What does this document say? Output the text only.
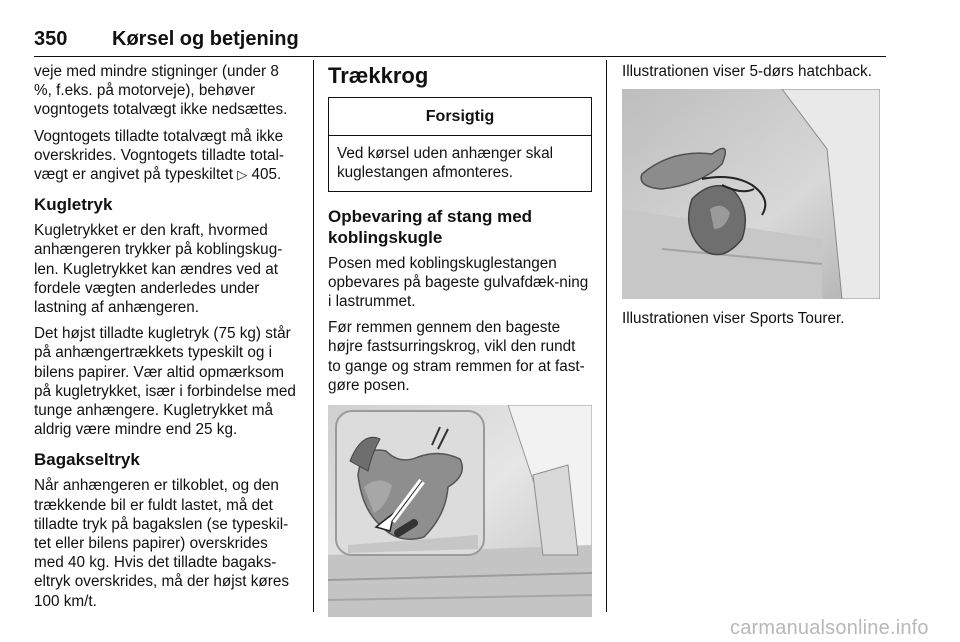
350 Kørsel og betjening

veje med mindre stigninger (under 8 %, f.eks. på motorveje), behøver vogntogets totalvægt ikke nedsættes.

Vogntogets tilladte totalvægt må ikke overskrides. Vogntogets tilladte total-vægt er angivet på typeskiltet ▷ 405.

Kugletryk

Kugletrykket er den kraft, hvormed anhængeren trykker på koblingskug-len. Kugletrykket kan ændres ved at fordele vægten anderledes under lastning af anhængeren.

Det højst tilladte kugletryk (75 kg) står på anhængertrækkets typeskilt og i bilens papirer. Vær altid opmærksom på kugletrykket, især i forbindelse med tunge anhængere. Kugletrykket må aldrig være mindre end 25 kg.

Bagakseltryk

Når anhængeren er tilkoblet, og den trækkende bil er fuldt lastet, må det tilladte tryk på bagakslen (se typeskil-tet eller bilens papirer) overskrides med 40 kg. Hvis det tilladte bagaks-eltryk overskrides, må der højst køres 100 km/t.

Trækkrog
Forsigtig
Ved kørsel uden anhænger skal kuglestangen afmonteres.
Opbevaring af stang med koblingskugle

Posen med koblingskuglestangen opbevares på bageste gulvafdæk-ning i lastrummet.

Før remmen gennem den bageste højre fastsurringskrog, vikl den rundt to gange og stram remmen for at fast-gøre posen.

Illustrationen viser 5-dørs hatchback.

Illustrationen viser Sports Tourer.

carmanualsonline.info
